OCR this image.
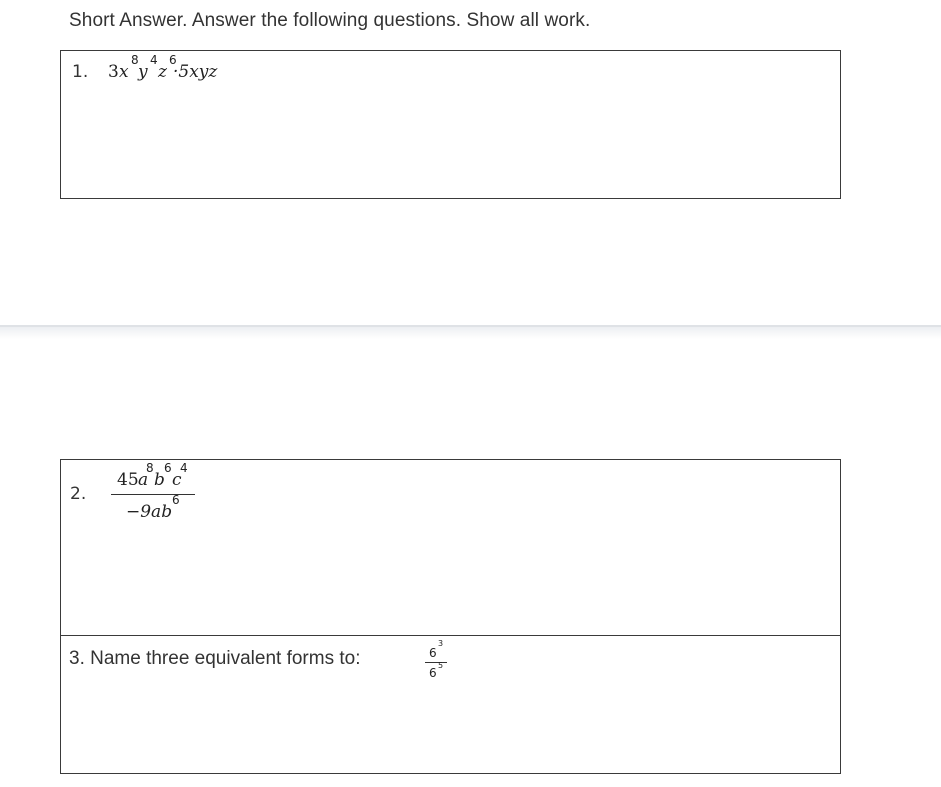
Short Answer. Answer the following questions. Show all work.
1. 3 x
8
y
4
z
6
·5xyz
2.
45 a
8
b
6
c
4
−9ab
6
3. Name three equivalent forms to:	6
3
6
5
